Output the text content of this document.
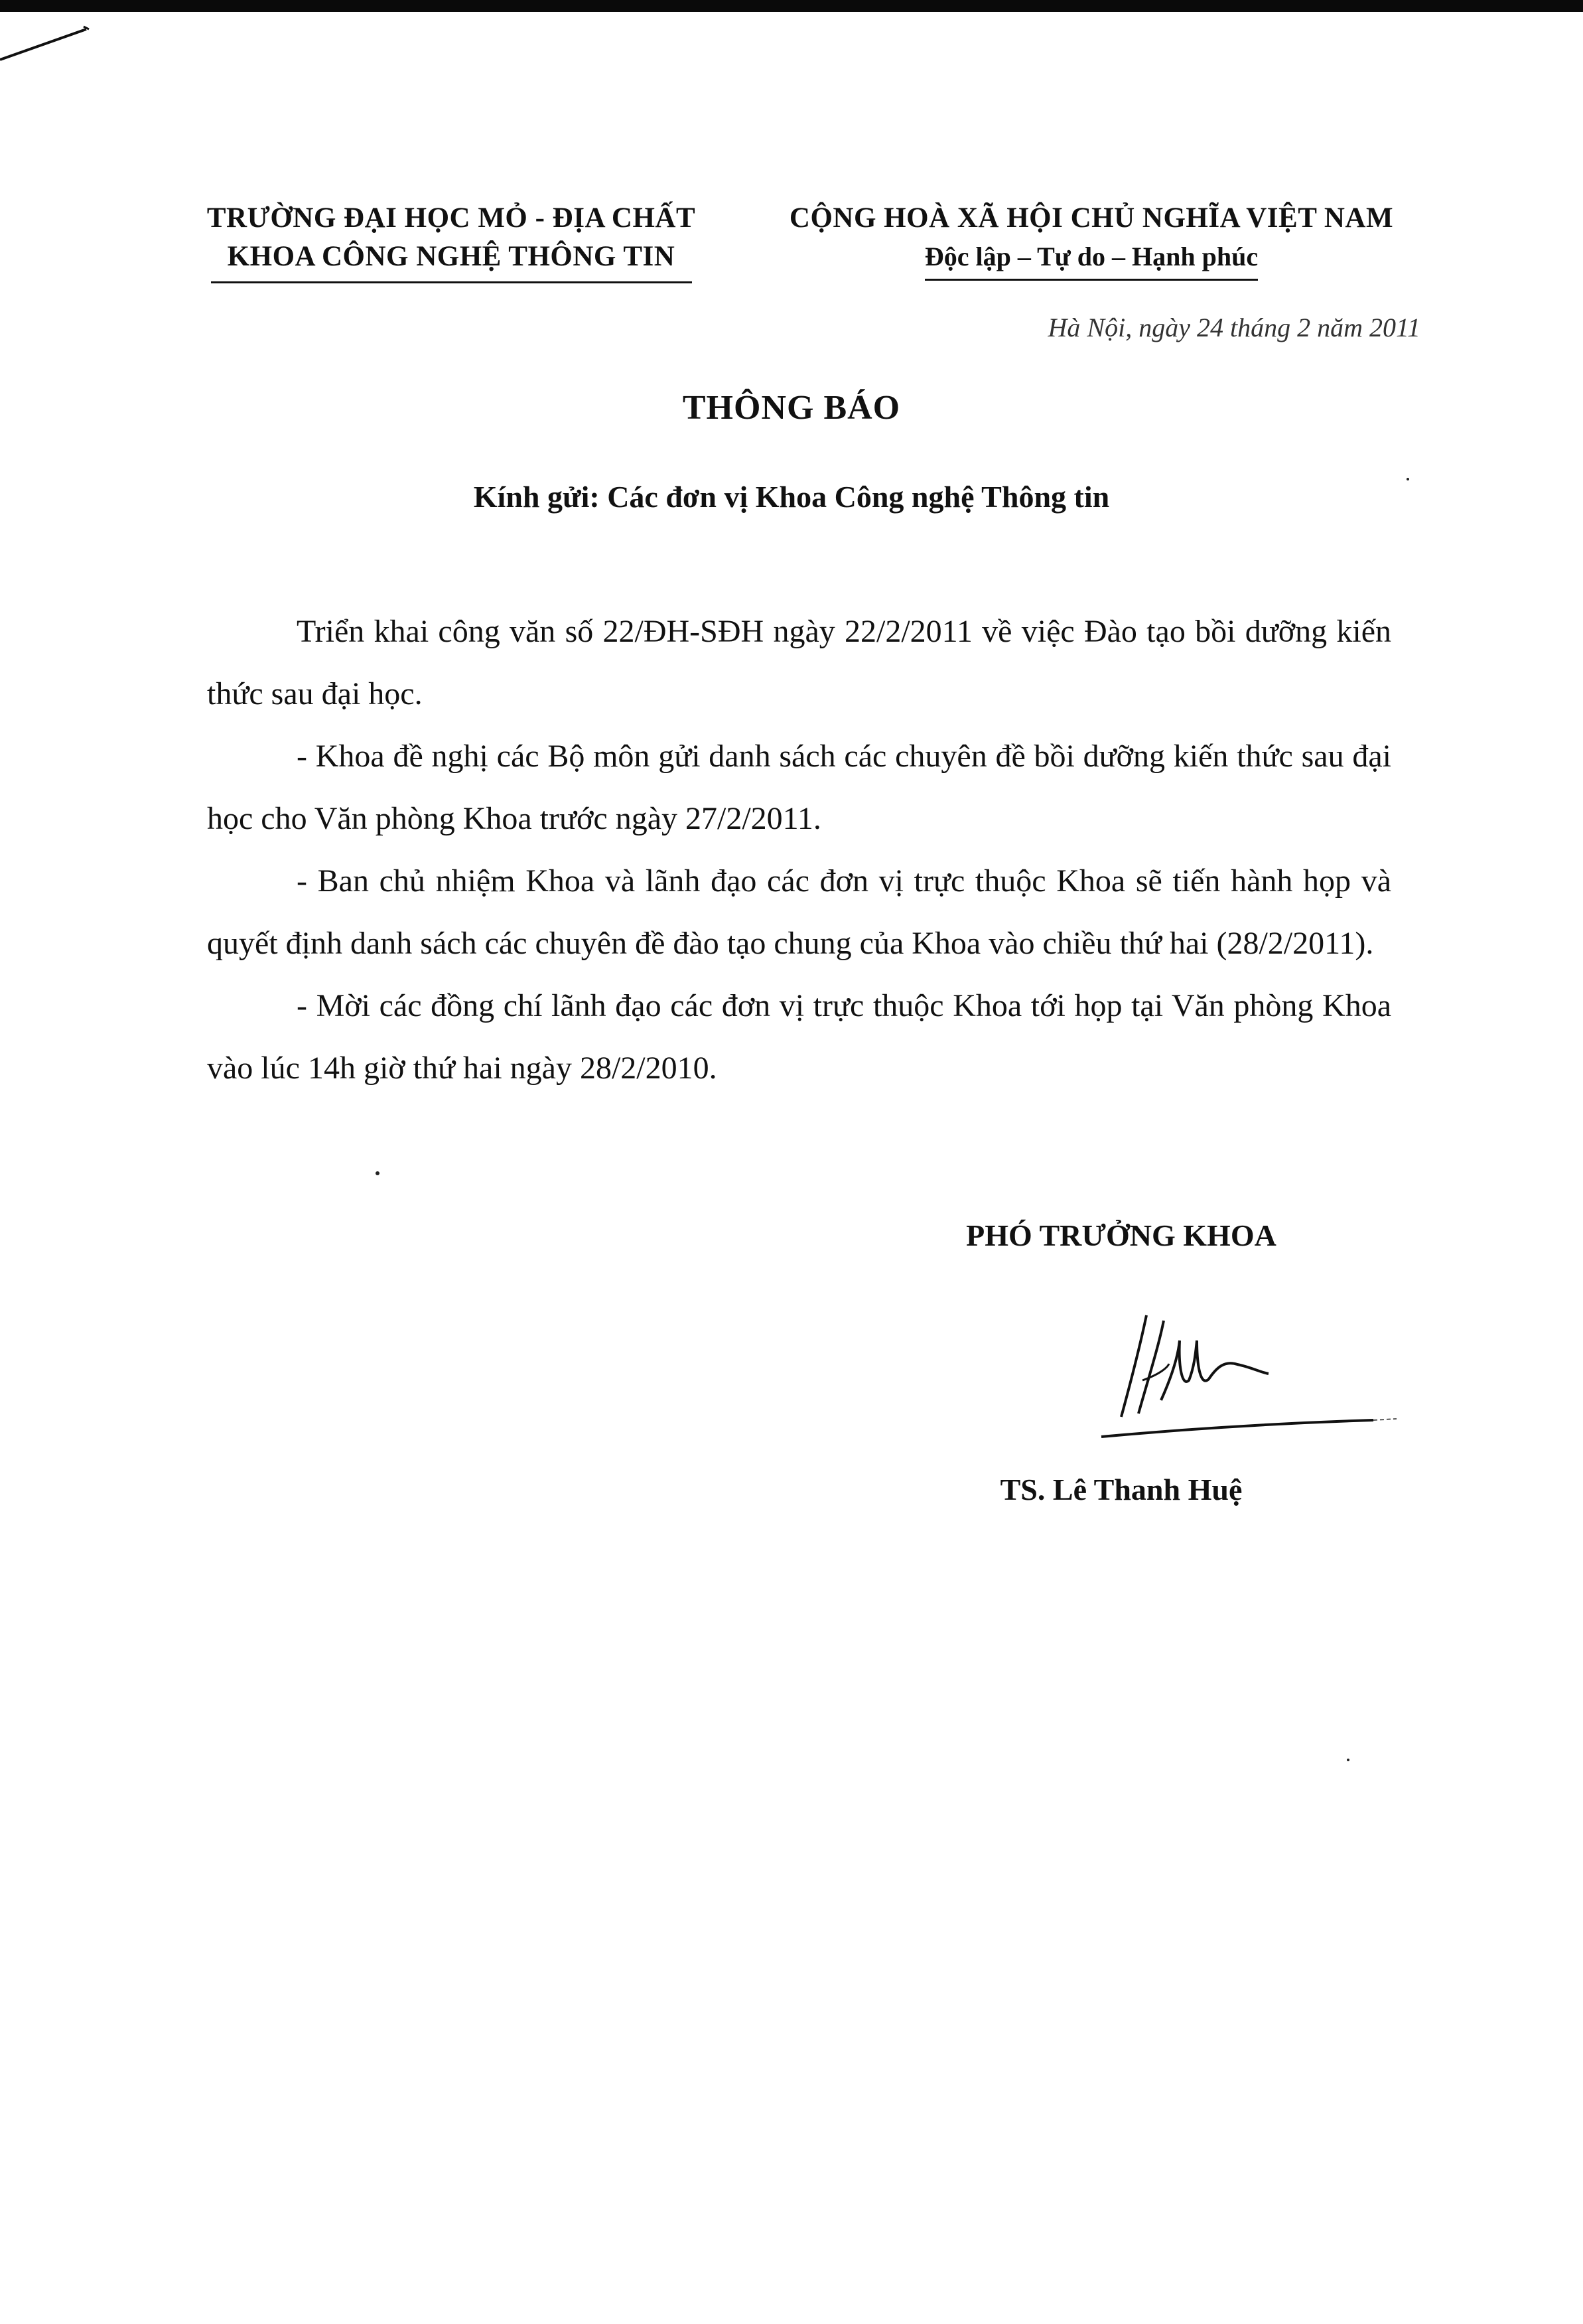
TRƯỜNG ĐẠI HỌC MỎ - ĐỊA CHẤT
KHOA CÔNG NGHỆ THÔNG TIN
CỘNG HOÀ XÃ HỘI CHỦ NGHĨA VIỆT NAM
Độc lập – Tự do – Hạnh phúc
Hà Nội, ngày 24 tháng 2 năm 2011
THÔNG BÁO
Kính gửi: Các đơn vị Khoa Công nghệ Thông tin

Triển khai công văn số 22/ĐH-SĐH ngày 22/2/2011 về việc Đào tạo bồi dưỡng kiến thức sau đại học.

- Khoa đề nghị các Bộ môn gửi danh sách các chuyên đề bồi dưỡng kiến thức sau đại học cho Văn phòng Khoa trước ngày 27/2/2011.

- Ban chủ nhiệm Khoa và lãnh đạo các đơn vị trực thuộc Khoa sẽ tiến hành họp và quyết định danh sách các chuyên đề đào tạo chung của Khoa vào chiều thứ hai (28/2/2011).

- Mời các đồng chí lãnh đạo các đơn vị trực thuộc Khoa tới họp tại Văn phòng Khoa vào lúc 14h giờ thứ hai ngày 28/2/2010.

PHÓ TRƯỞNG KHOA
TS. Lê Thanh Huệ
